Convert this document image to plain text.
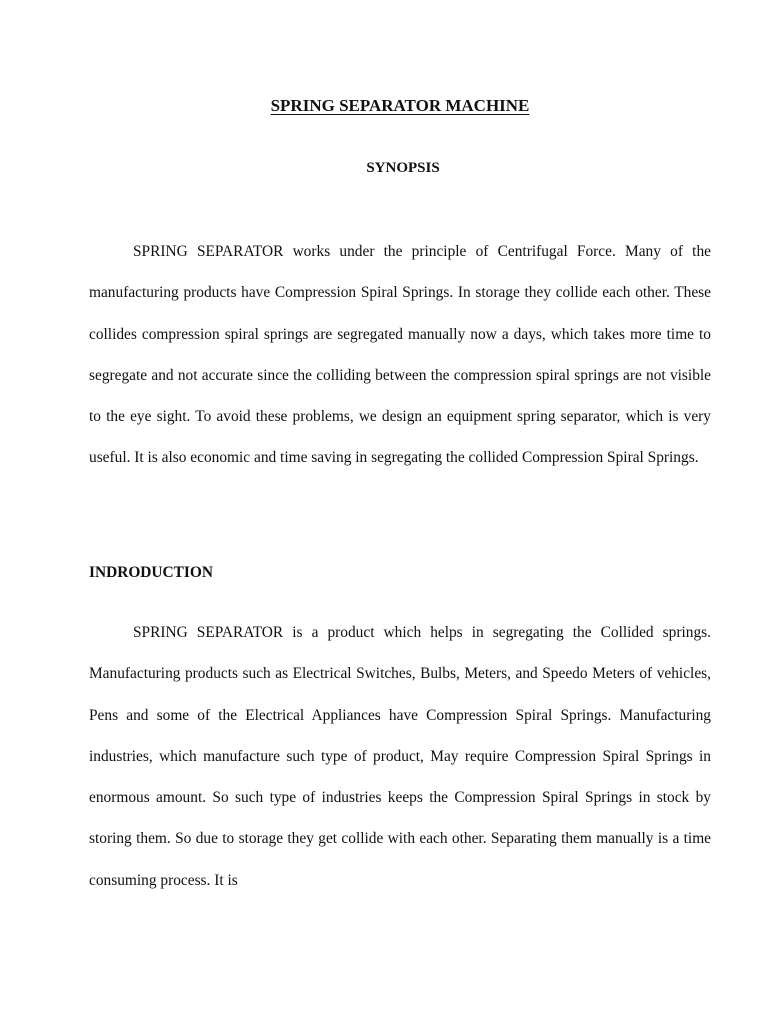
SPRING SEPARATOR MACHINE
SYNOPSIS

SPRING SEPARATOR works under the principle of Centrifugal Force. Many of the manufacturing products have Compression Spiral Springs. In storage they collide each other. These collides compression spiral springs are segregated manually now a days, which takes more time to segregate and not accurate since the colliding between the compression spiral springs are not visible to the eye sight. To avoid these problems, we design an equipment spring separator, which is very useful. It is also economic and time saving in segregating the collided Compression Spiral Springs.

INDRODUCTION

SPRING SEPARATOR is a product which helps in segregating the Collided springs. Manufacturing products such as Electrical Switches, Bulbs, Meters, and Speedo Meters of vehicles, Pens and some of the Electrical Appliances have Compression Spiral Springs. Manufacturing industries, which manufacture such type of product, May require Compression Spiral Springs in enormous amount. So such type of industries keeps the Compression Spiral Springs in stock by storing them. So due to storage they get collide with each other. Separating them manually is a time consuming process. It is
